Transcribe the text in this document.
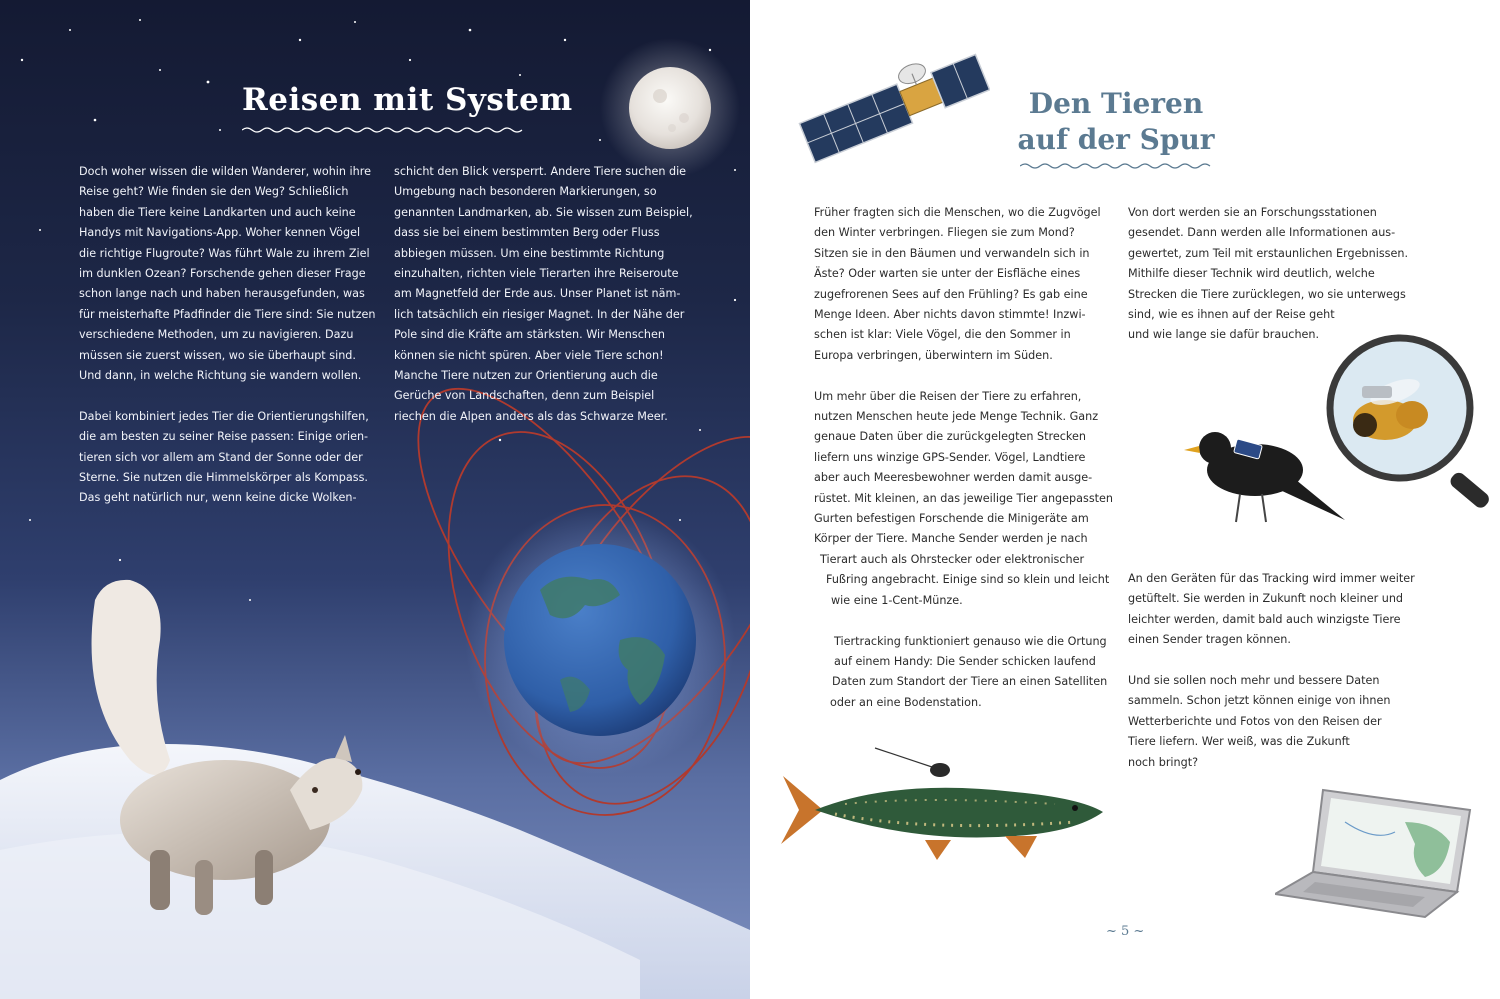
Reisen mit System

Doch woher wissen die wilden Wanderer, wohin ihre
Reise geht? Wie finden sie den Weg? Schließlich
haben die Tiere keine Landkarten und auch keine
Handys mit Navigations-App. Woher kennen Vögel
die richtige Flugroute? Was führt Wale zu ihrem Ziel
im dunklen Ozean? Forschende gehen dieser Frage
schon lange nach und haben herausgefunden, was
für meisterhafte Pfadfinder die Tiere sind: Sie nutzen
verschiedene Methoden, um zu navigieren. Dazu
müssen sie zuerst wissen, wo sie überhaupt sind.
Und dann, in welche Richtung sie wandern wollen.

Dabei kombiniert jedes Tier die Orientierungshilfen,
die am besten zu seiner Reise passen: Einige orien-
tieren sich vor allem am Stand der Sonne oder der
Sterne. Sie nutzen die Himmelskörper als Kompass.
Das geht natürlich nur, wenn keine dicke Wolken-

schicht den Blick versperrt. Andere Tiere suchen die
Umgebung nach besonderen Markierungen, so
genannten Landmarken, ab. Sie wissen zum Beispiel,
dass sie bei einem bestimmten Berg oder Fluss
abbiegen müssen. Um eine bestimmte Richtung
einzuhalten, richten viele Tierarten ihre Reiseroute
am Magnetfeld der Erde aus. Unser Planet ist näm-
lich tatsächlich ein riesiger Magnet. In der Nähe der
Pole sind die Kräfte am stärksten. Wir Menschen
können sie nicht spüren. Aber viele Tiere schon!
Manche Tiere nutzen zur Orientierung auch die
Gerüche von Landschaften, denn zum Beispiel
riechen die Alpen anders als das Schwarze Meer.

Den Tieren
auf der Spur

Früher fragten sich die Menschen, wo die Zugvögel
den Winter verbringen. Fliegen sie zum Mond?
Sitzen sie in den Bäumen und verwandeln sich in
Äste? Oder warten sie unter der Eisfläche eines
zugefrorenen Sees auf den Frühling? Es gab eine
Menge Ideen. Aber nichts davon stimmte! Inzwi-
schen ist klar: Viele Vögel, die den Sommer in
Europa verbringen, überwintern im Süden.

Um mehr über die Reisen der Tiere zu erfahren,
nutzen Menschen heute jede Menge Technik. Ganz
genaue Daten über die zurückgelegten Strecken
liefern uns winzige GPS-Sender. Vögel, Landtiere
aber auch Meeresbewohner werden damit ausge-
rüstet. Mit kleinen, an das jeweilige Tier angepassten
Gurten befestigen Forschende die Minigeräte am
Körper der Tiere. Manche Sender werden je nach
Tierart auch als Ohrstecker oder elektronischer
Fußring angebracht. Einige sind so klein und leicht
wie eine 1-Cent-Münze.

Tiertracking funktioniert genauso wie die Ortung
auf einem Handy: Die Sender schicken laufend
Daten zum Standort der Tiere an einen Satelliten
oder an eine Bodenstation.

Von dort werden sie an Forschungsstationen
gesendet. Dann werden alle Informationen aus-
gewertet, zum Teil mit erstaunlichen Ergebnissen.
Mithilfe dieser Technik wird deutlich, welche
Strecken die Tiere zurücklegen, wo sie unterwegs
sind, wie es ihnen auf der Reise geht
und wie lange sie dafür brauchen.

An den Geräten für das Tracking wird immer weiter
getüftelt. Sie werden in Zukunft noch kleiner und
leichter werden, damit bald auch winzigste Tiere
einen Sender tragen können.

Und sie sollen noch mehr und bessere Daten
sammeln. Schon jetzt können einige von ihnen
Wetterberichte und Fotos von den Reisen der
Tiere liefern. Wer weiß, was die Zukunft
noch bringt?

~ 5 ~
